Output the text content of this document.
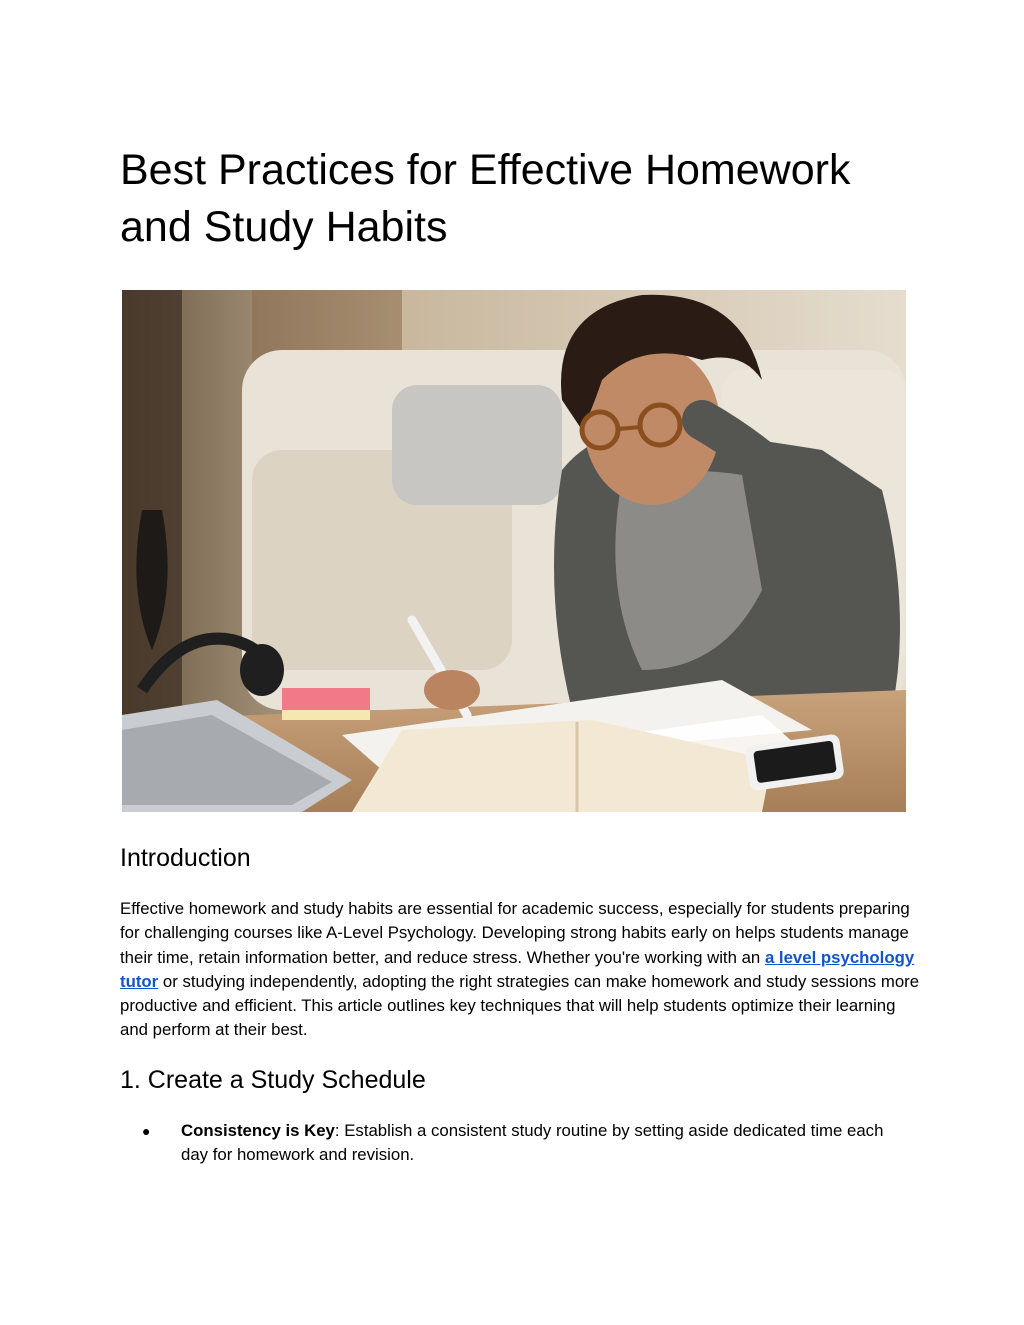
Best Practices for Effective Homework and Study Habits
Introduction

Effective homework and study habits are essential for academic success, especially for students preparing for challenging courses like A-Level Psychology. Developing strong habits early on helps students manage their time, retain information better, and reduce stress. Whether you're working with an a level psychology tutor or studying independently, adopting the right strategies can make homework and study sessions more productive and efficient. This article outlines key techniques that will help students optimize their learning and perform at their best.

1. Create a Study Schedule
● Consistency is Key: Establish a consistent study routine by setting aside dedicated time each day for homework and revision.
